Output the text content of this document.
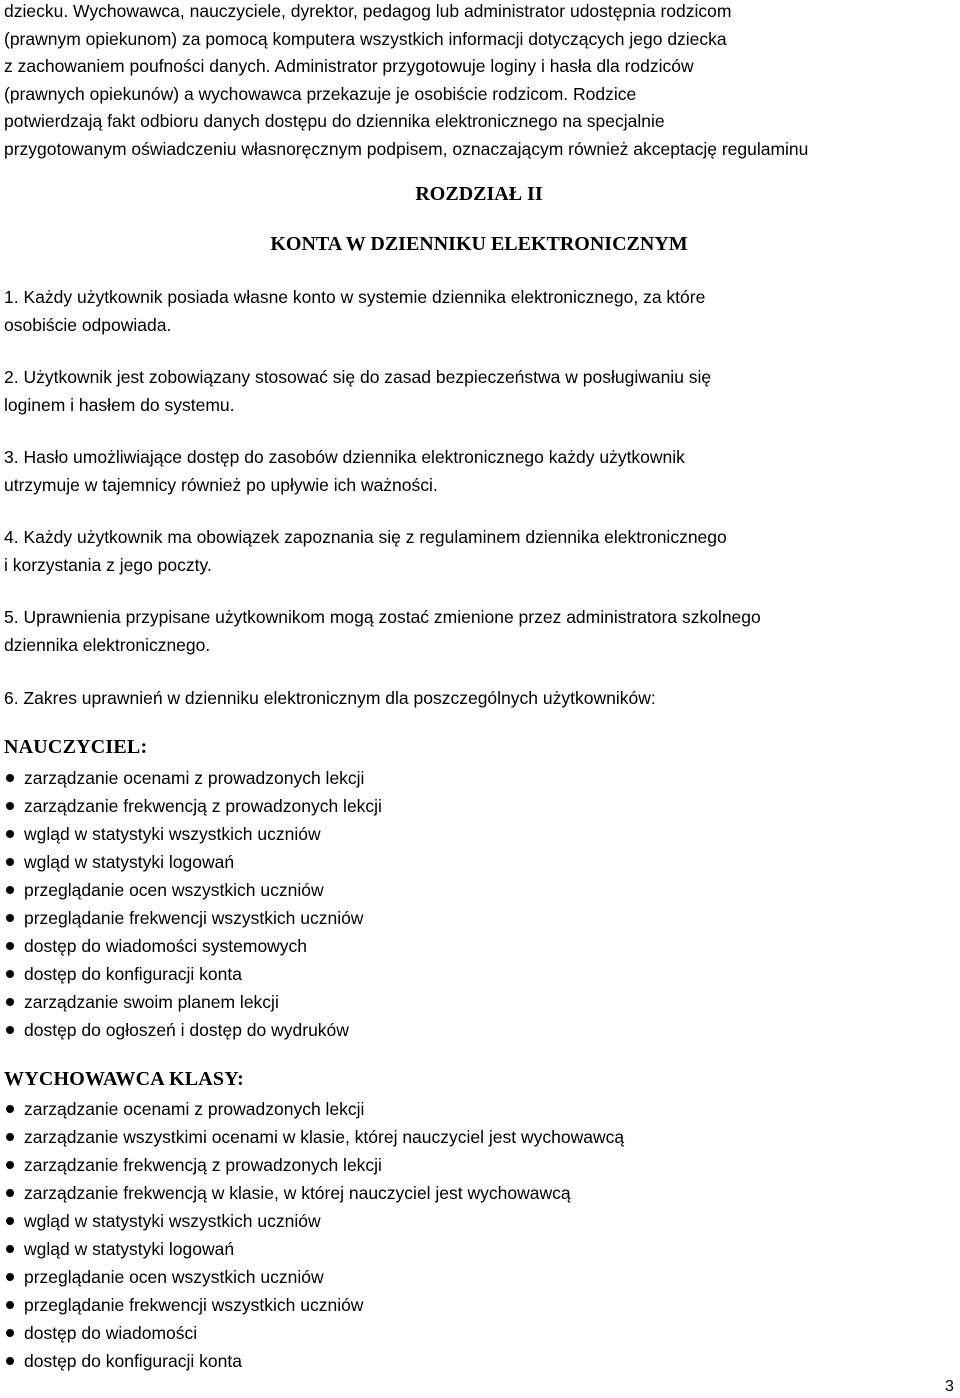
dziecku. Wychowawca, nauczyciele, dyrektor, pedagog lub administrator udostępnia rodzicom

(prawnym opiekunom) za pomocą komputera wszystkich informacji dotyczących jego dziecka

z zachowaniem poufności danych. Administrator przygotowuje loginy i hasła dla rodziców

(prawnych opiekunów) a wychowawca przekazuje je osobiście rodzicom. Rodzice

potwierdzają fakt odbioru danych dostępu do dziennika elektronicznego na specjalnie

przygotowanym oświadczeniu własnoręcznym podpisem, oznaczającym również akceptację regulaminu

ROZDZIAŁ II
KONTA W DZIENNIKU ELEKTRONICZNYM

1. Każdy użytkownik posiada własne konto w systemie dziennika elektronicznego, za które
osobiście odpowiada.

2. Użytkownik jest zobowiązany stosować się do zasad bezpieczeństwa w posługiwaniu się
loginem i hasłem do systemu.

3. Hasło umożliwiające dostęp do zasobów dziennika elektronicznego każdy użytkownik
utrzymuje w tajemnicy również po upływie ich ważności.

4. Każdy użytkownik ma obowiązek zapoznania się z regulaminem dziennika elektronicznego
i korzystania z jego poczty.

5. Uprawnienia przypisane użytkownikom mogą zostać zmienione przez administratora szkolnego
dziennika elektronicznego.

6. Zakres uprawnień w dzienniku elektronicznym dla poszczególnych użytkowników:

NAUCZYCIEL:
zarządzanie ocenami z prowadzonych lekcji
zarządzanie frekwencją z prowadzonych lekcji
wgląd w statystyki wszystkich uczniów
wgląd w statystyki logowań
przeglądanie ocen wszystkich uczniów
przeglądanie frekwencji wszystkich uczniów
dostęp do wiadomości systemowych
dostęp do konfiguracji konta
zarządzanie swoim planem lekcji
dostęp do ogłoszeń i dostęp do wydruków
WYCHOWAWCA KLASY:
zarządzanie ocenami z prowadzonych lekcji
zarządzanie wszystkimi ocenami w klasie, której nauczyciel jest wychowawcą
zarządzanie frekwencją z prowadzonych lekcji
zarządzanie frekwencją w klasie, w której nauczyciel jest wychowawcą
wgląd w statystyki wszystkich uczniów
wgląd w statystyki logowań
przeglądanie ocen wszystkich uczniów
przeglądanie frekwencji wszystkich uczniów
dostęp do wiadomości
dostęp do konfiguracji konta
3
